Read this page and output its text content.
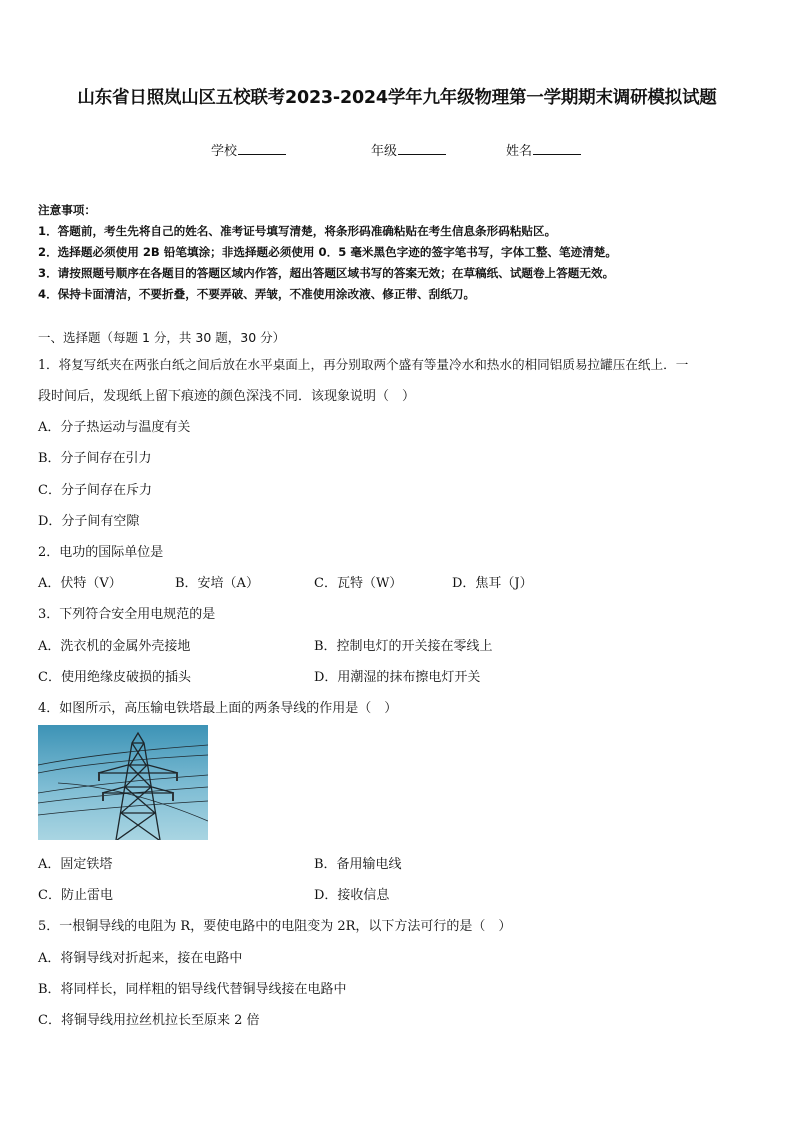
山东省日照岚山区五校联考2023-2024学年九年级物理第一学期期末调研模拟试题
学校	年级	姓名
注意事项：
1．答题前，考生先将自己的姓名、准考证号填写清楚，将条形码准确粘贴在考生信息条形码粘贴区。
2．选择题必须使用 2B 铅笔填涂；非选择题必须使用 0．5 毫米黑色字迹的签字笔书写，字体工整、笔迹清楚。
3．请按照题号顺序在各题目的答题区域内作答，超出答题区域书写的答案无效；在草稿纸、试题卷上答题无效。
4．保持卡面清洁，不要折叠，不要弄破、弄皱，不准使用涂改液、修正带、刮纸刀。
一、选择题（每题 1 分，共 30 题，30 分）
1．将复写纸夹在两张白纸之间后放在水平桌面上，再分别取两个盛有等量冷水和热水的相同铝质易拉罐压在纸上．一
段时间后，发现纸上留下痕迹的颜色深浅不同．该现象说明（　）
A．分子热运动与温度有关
B．分子间存在引力
C．分子间存在斥力
D．分子间有空隙
2．电功的国际单位是
A．伏特（V）	B．安培（A）	C．瓦特（W）	D．焦耳（J）
3．下列符合安全用电规范的是
A．洗衣机的金属外壳接地	B．控制电灯的开关接在零线上
C．使用绝缘皮破损的插头	D．用潮湿的抹布擦电灯开关
4．如图所示，高压输电铁塔最上面的两条导线的作用是（　）
A．固定铁塔	B．备用输电线
C．防止雷电	D．接收信息
5．一根铜导线的电阻为 R，要使电路中的电阻变为 2R，以下方法可行的是（　）
A．将铜导线对折起来，接在电路中
B．将同样长，同样粗的铝导线代替铜导线接在电路中
C．将铜导线用拉丝机拉长至原来 2 倍
